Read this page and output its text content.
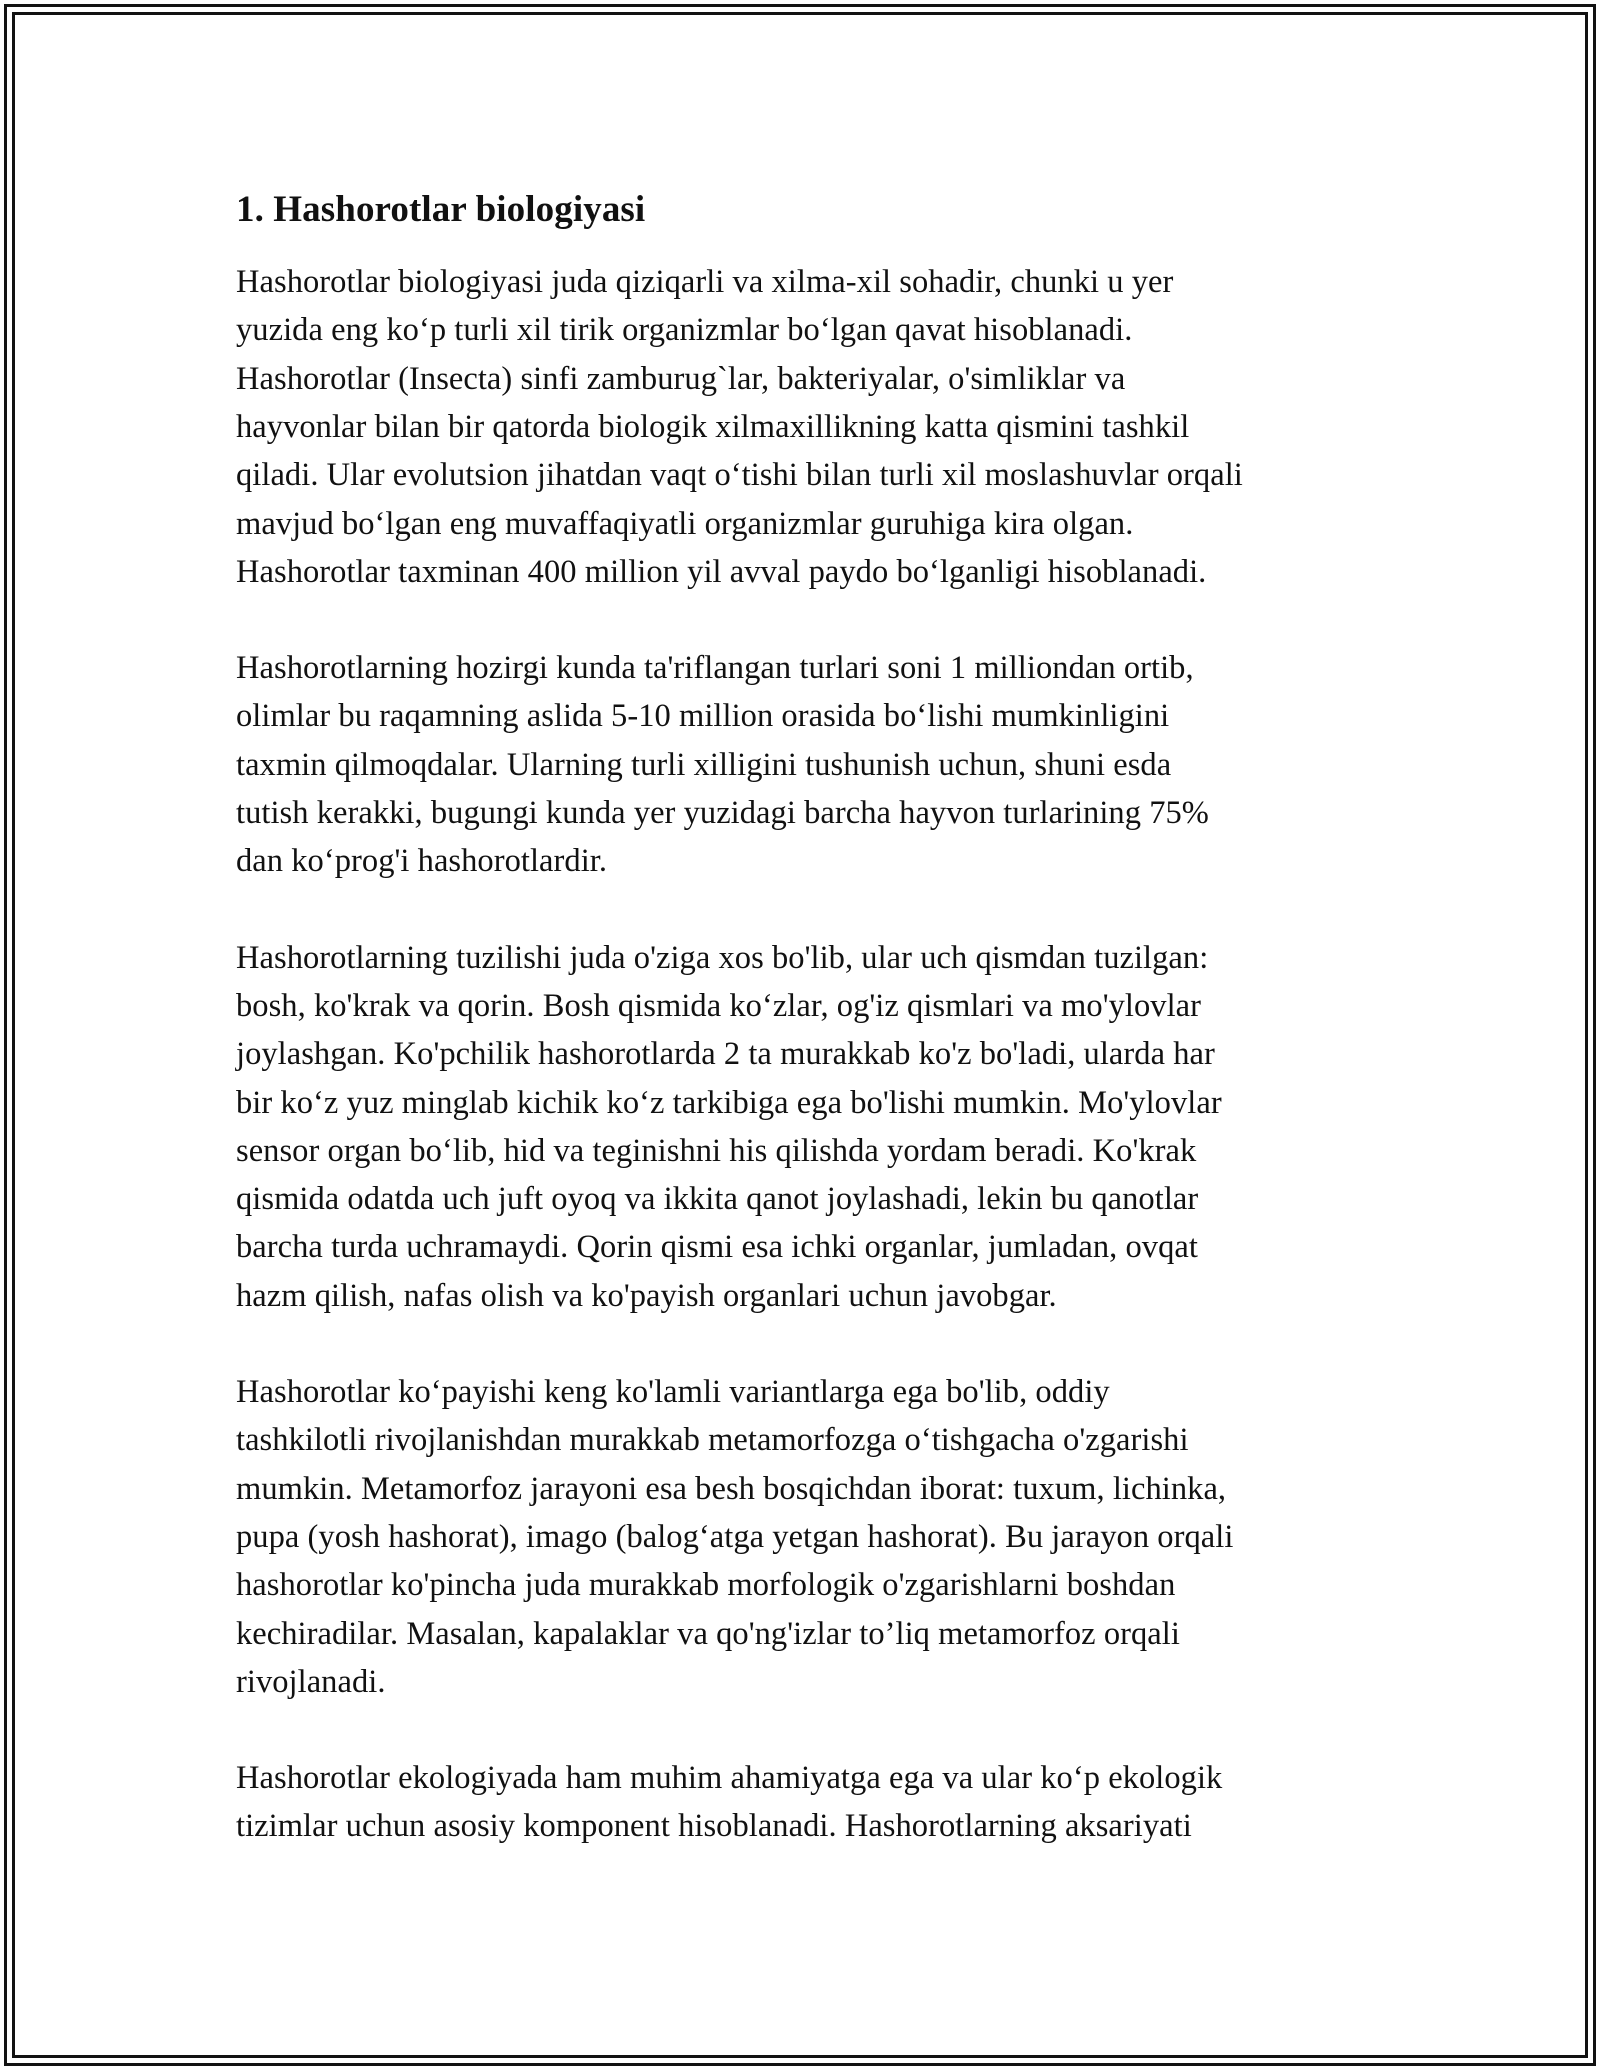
1. Hashorotlar biologiyasi

Hashorotlar biologiyasi juda qiziqarli va xilma-xil sohadir, chunki u yer
yuzida eng koʻp turli xil tirik organizmlar boʻlgan qavat hisoblanadi.
Hashorotlar (Insecta) sinfi zamburug`lar, bakteriyalar, o'simliklar va
hayvonlar bilan bir qatorda biologik xilmaxillikning katta qismini tashkil
qiladi. Ular evolutsion jihatdan vaqt oʻtishi bilan turli xil moslashuvlar orqali
mavjud boʻlgan eng muvaffaqiyatli organizmlar guruhiga kira olgan.
Hashorotlar taxminan 400 million yil avval paydo boʻlganligi hisoblanadi.

Hashorotlarning hozirgi kunda ta'riflangan turlari soni 1 milliondan ortib,
olimlar bu raqamning aslida 5-10 million orasida boʻlishi mumkinligini
taxmin qilmoqdalar. Ularning turli xilligini tushunish uchun, shuni esda
tutish kerakki, bugungi kunda yer yuzidagi barcha hayvon turlarining 75%
dan koʻprog'i hashorotlardir.

Hashorotlarning tuzilishi juda o'ziga xos bo'lib, ular uch qismdan tuzilgan:
bosh, ko'krak va qorin. Bosh qismida koʻzlar, og'iz qismlari va mo'ylovlar
joylashgan. Ko'pchilik hashorotlarda 2 ta murakkab ko'z bo'ladi, ularda har
bir koʻz yuz minglab kichik koʻz tarkibiga ega bo'lishi mumkin. Mo'ylovlar
sensor organ boʻlib, hid va teginishni his qilishda yordam beradi. Ko'krak
qismida odatda uch juft oyoq va ikkita qanot joylashadi, lekin bu qanotlar
barcha turda uchramaydi. Qorin qismi esa ichki organlar, jumladan, ovqat
hazm qilish, nafas olish va ko'payish organlari uchun javobgar.

Hashorotlar koʻpayishi keng ko'lamli variantlarga ega bo'lib, oddiy
tashkilotli rivojlanishdan murakkab metamorfozga oʻtishgacha o'zgarishi
mumkin. Metamorfoz jarayoni esa besh bosqichdan iborat: tuxum, lichinka,
pupa (yosh hashorat), imago (balogʻatga yetgan hashorat). Bu jarayon orqali
hashorotlar ko'pincha juda murakkab morfologik o'zgarishlarni boshdan
kechiradilar. Masalan, kapalaklar va qo'ng'izlar to’liq metamorfoz orqali
rivojlanadi.

Hashorotlar ekologiyada ham muhim ahamiyatga ega va ular koʻp ekologik
tizimlar uchun asosiy komponent hisoblanadi. Hashorotlarning aksariyati
